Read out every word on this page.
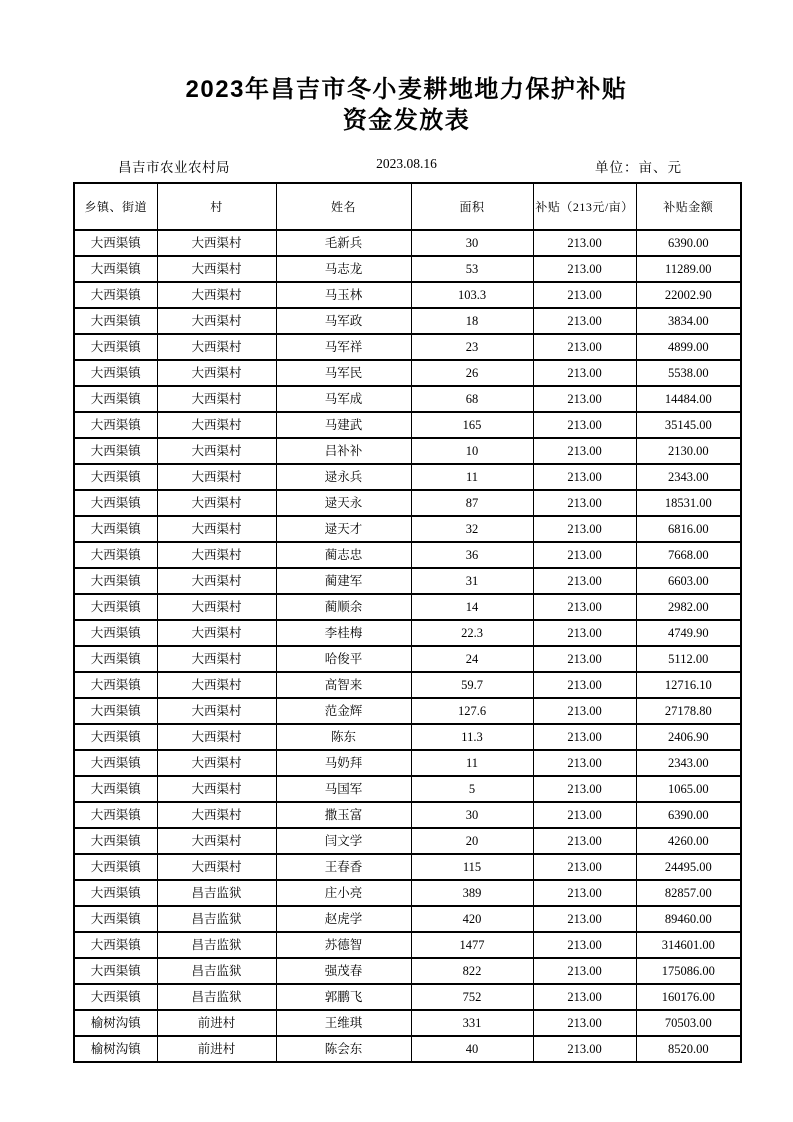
2023年昌吉市冬小麦耕地地力保护补贴
资金发放表
昌吉市农业农村局	2023.08.16	单位：亩、元
乡镇、街道	村	姓名	面积	补贴（213元/亩）	补贴金额
大西渠镇	大西渠村	毛新兵	30	213.00	6390.00
大西渠镇	大西渠村	马志龙	53	213.00	11289.00
大西渠镇	大西渠村	马玉林	103.3	213.00	22002.90
大西渠镇	大西渠村	马军政	18	213.00	3834.00
大西渠镇	大西渠村	马军祥	23	213.00	4899.00
大西渠镇	大西渠村	马军民	26	213.00	5538.00
大西渠镇	大西渠村	马军成	68	213.00	14484.00
大西渠镇	大西渠村	马建武	165	213.00	35145.00
大西渠镇	大西渠村	吕补补	10	213.00	2130.00
大西渠镇	大西渠村	逯永兵	11	213.00	2343.00
大西渠镇	大西渠村	逯天永	87	213.00	18531.00
大西渠镇	大西渠村	逯天才	32	213.00	6816.00
大西渠镇	大西渠村	蔺志忠	36	213.00	7668.00
大西渠镇	大西渠村	蔺建军	31	213.00	6603.00
大西渠镇	大西渠村	蔺顺余	14	213.00	2982.00
大西渠镇	大西渠村	李桂梅	22.3	213.00	4749.90
大西渠镇	大西渠村	哈俊平	24	213.00	5112.00
大西渠镇	大西渠村	高智来	59.7	213.00	12716.10
大西渠镇	大西渠村	范金辉	127.6	213.00	27178.80
大西渠镇	大西渠村	陈东	11.3	213.00	2406.90
大西渠镇	大西渠村	马奶拜	11	213.00	2343.00
大西渠镇	大西渠村	马国军	5	213.00	1065.00
大西渠镇	大西渠村	撒玉富	30	213.00	6390.00
大西渠镇	大西渠村	闫文学	20	213.00	4260.00
大西渠镇	大西渠村	王春香	115	213.00	24495.00
大西渠镇	昌吉监狱	庄小亮	389	213.00	82857.00
大西渠镇	昌吉监狱	赵虎学	420	213.00	89460.00
大西渠镇	昌吉监狱	苏德智	1477	213.00	314601.00
大西渠镇	昌吉监狱	强茂春	822	213.00	175086.00
大西渠镇	昌吉监狱	郭鹏飞	752	213.00	160176.00
榆树沟镇	前进村	王维琪	331	213.00	70503.00
榆树沟镇	前进村	陈会东	40	213.00	8520.00
